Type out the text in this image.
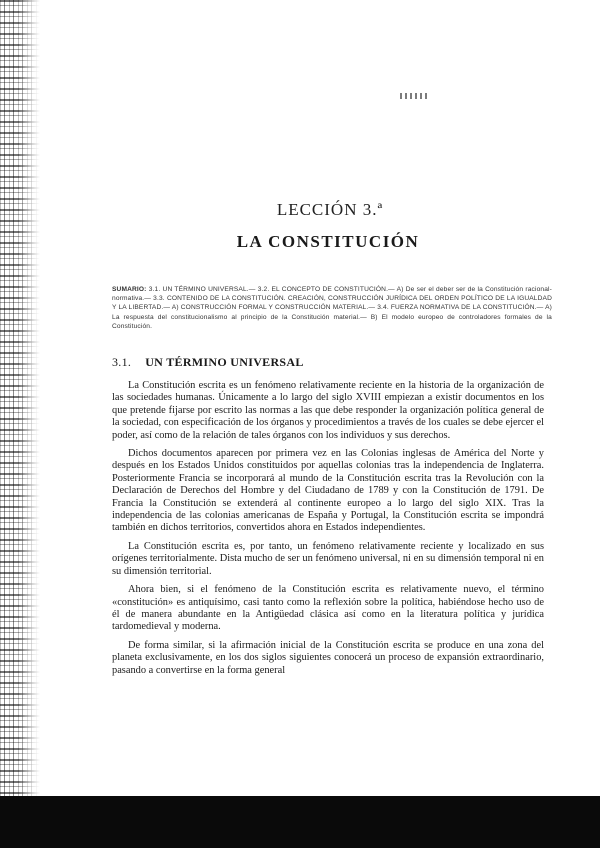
LECCIÓN 3.ª
LA CONSTITUCIÓN
SUMARIO: 3.1. UN TÉRMINO UNIVERSAL.— 3.2. EL CONCEPTO DE CONSTITUCIÓN.— A) De ser el deber ser de la Constitución racional-normativa.— 3.3. CONTENIDO DE LA CONSTITUCIÓN. CREACIÓN, CONSTRUCCIÓN JURÍDICA DEL ORDEN POLÍTICO DE LA IGUALDAD Y LA LIBERTAD.— A) CONSTRUCCIÓN FORMAL Y CONSTRUCCIÓN MATERIAL.— 3.4. FUERZA NORMATIVA DE LA CONSTITUCIÓN.— A) La respuesta del constitucionalismo al principio de la Constitución material.— B) El modelo europeo de controladores formales de la Constitución.
3.1. UN TÉRMINO UNIVERSAL

La Constitución escrita es un fenómeno relativamente reciente en la historia de la organización de las sociedades humanas. Únicamente a lo largo del siglo XVIII empiezan a existir documentos en los que pretende fijarse por escrito las normas a las que debe responder la organización política general de la sociedad, con especificación de los órganos y procedimientos a través de los cuales se debe ejercer el poder, así como de la relación de tales órganos con los individuos y sus derechos.

Dichos documentos aparecen por primera vez en las Colonias inglesas de América del Norte y después en los Estados Unidos constituidos por aquellas colonias tras la independencia de Inglaterra. Posteriormente Francia se incorporará al mundo de la Constitución escrita tras la Revolución con la Declaración de Derechos del Hombre y del Ciudadano de 1789 y con la Constitución de 1791. De Francia la Constitución se extenderá al continente europeo a lo largo del siglo XIX. Tras la independencia de las colonias americanas de España y Portugal, la Constitución escrita se impondrá también en dichos territorios, convertidos ahora en Estados independientes.

La Constitución escrita es, por tanto, un fenómeno relativamente reciente y localizado en sus orígenes territorialmente. Dista mucho de ser un fenómeno universal, ni en su dimensión temporal ni en su dimensión territorial.

Ahora bien, si el fenómeno de la Constitución escrita es relativamente nuevo, el término «constitución» es antiquísimo, casi tanto como la reflexión sobre la política, habiéndose hecho uso de él de manera abundante en la Antigüedad clásica así como en la literatura política y jurídica tardomedieval y moderna.

De forma similar, si la afirmación inicial de la Constitución escrita se produce en una zona del planeta exclusivamente, en los dos siglos siguientes conocerá un proceso de expansión extraordinario, pasando a convertirse en la forma general
